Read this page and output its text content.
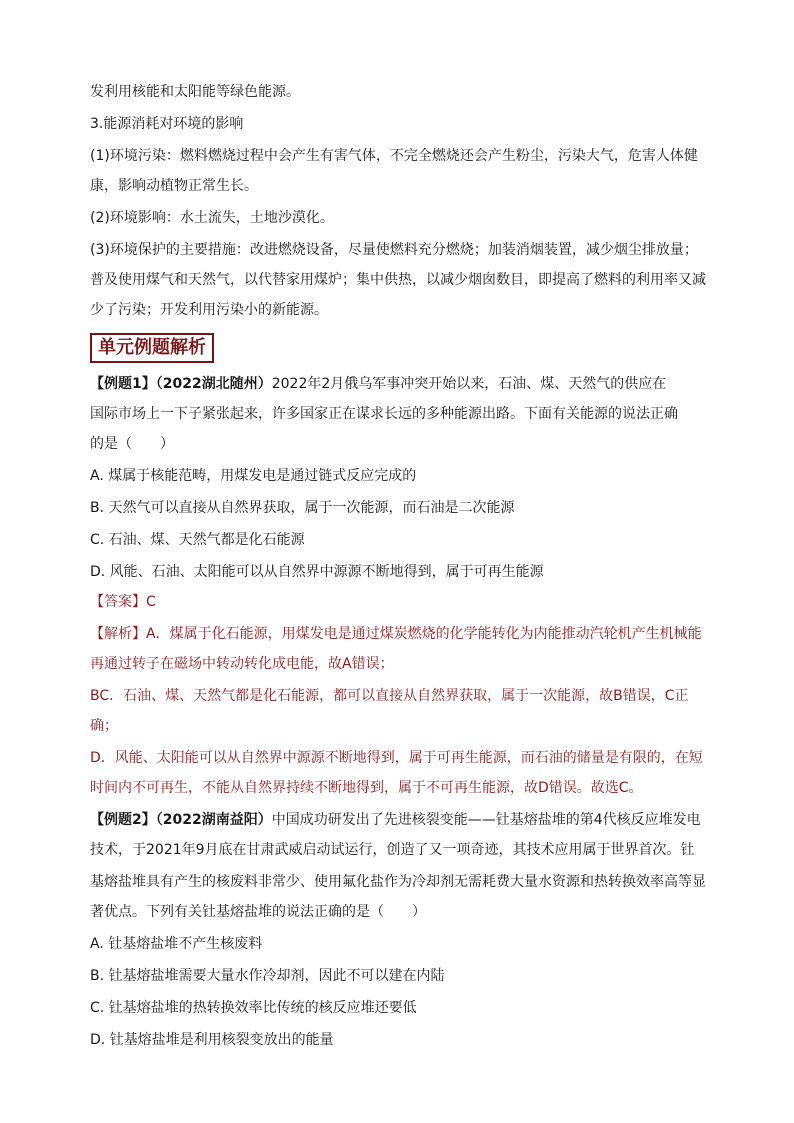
发利用核能和太阳能等绿色能源。
3.能源消耗对环境的影响
(1)环境污染：燃料燃烧过程中会产生有害气体，不完全燃烧还会产生粉尘，污染大气，危害人体健
康，影响动植物正常生长。
(2)环境影响：水土流失，土地沙漠化。
(3)环境保护的主要措施：改进燃烧设备，尽量使燃料充分燃烧；加装消烟装置，减少烟尘排放量；
普及使用煤气和天然气，以代替家用煤炉；集中供热，以减少烟囱数目，即提高了燃料的利用率又减
少了污染；开发利用污染小的新能源。
单元例题解析
【例题1】（2022湖北随州）2022年2月俄乌军事冲突开始以来，石油、煤、天然气的供应在
国际市场上一下子紧张起来，许多国家正在谋求长远的多种能源出路。下面有关能源的说法正确
的是（　　）
A. 煤属于核能范畴，用煤发电是通过链式反应完成的
B. 天然气可以直接从自然界获取，属于一次能源，而石油是二次能源
C. 石油、煤、天然气都是化石能源
D. 风能、石油、太阳能可以从自然界中源源不断地得到，属于可再生能源
【答案】C
【解析】A．煤属于化石能源，用煤发电是通过煤炭燃烧的化学能转化为内能推动汽轮机产生机械能
再通过转子在磁场中转动转化成电能，故A错误；
BC．石油、煤、天然气都是化石能源，都可以直接从自然界获取，属于一次能源，故B错误，C正
确；
D．风能、太阳能可以从自然界中源源不断地得到，属于可再生能源，而石油的储量是有限的，在短
时间内不可再生，不能从自然界持续不断地得到，属于不可再生能源，故D错误。故选C。
【例题2】（2022湖南益阳）中国成功研发出了先进核裂变能——钍基熔盐堆的第4代核反应堆发电
技术，于2021年9月底在甘肃武威启动试运行，创造了又一项奇迹，其技术应用属于世界首次。钍
基熔盐堆具有产生的核废料非常少、使用氟化盐作为冷却剂无需耗费大量水资源和热转换效率高等显
著优点。下列有关钍基熔盐堆的说法正确的是（　　）
A. 钍基熔盐堆不产生核废料
B. 钍基熔盐堆需要大量水作冷却剂，因此不可以建在内陆
C. 钍基熔盐堆的热转换效率比传统的核反应堆还要低
D. 钍基熔盐堆是利用核裂变放出的能量
